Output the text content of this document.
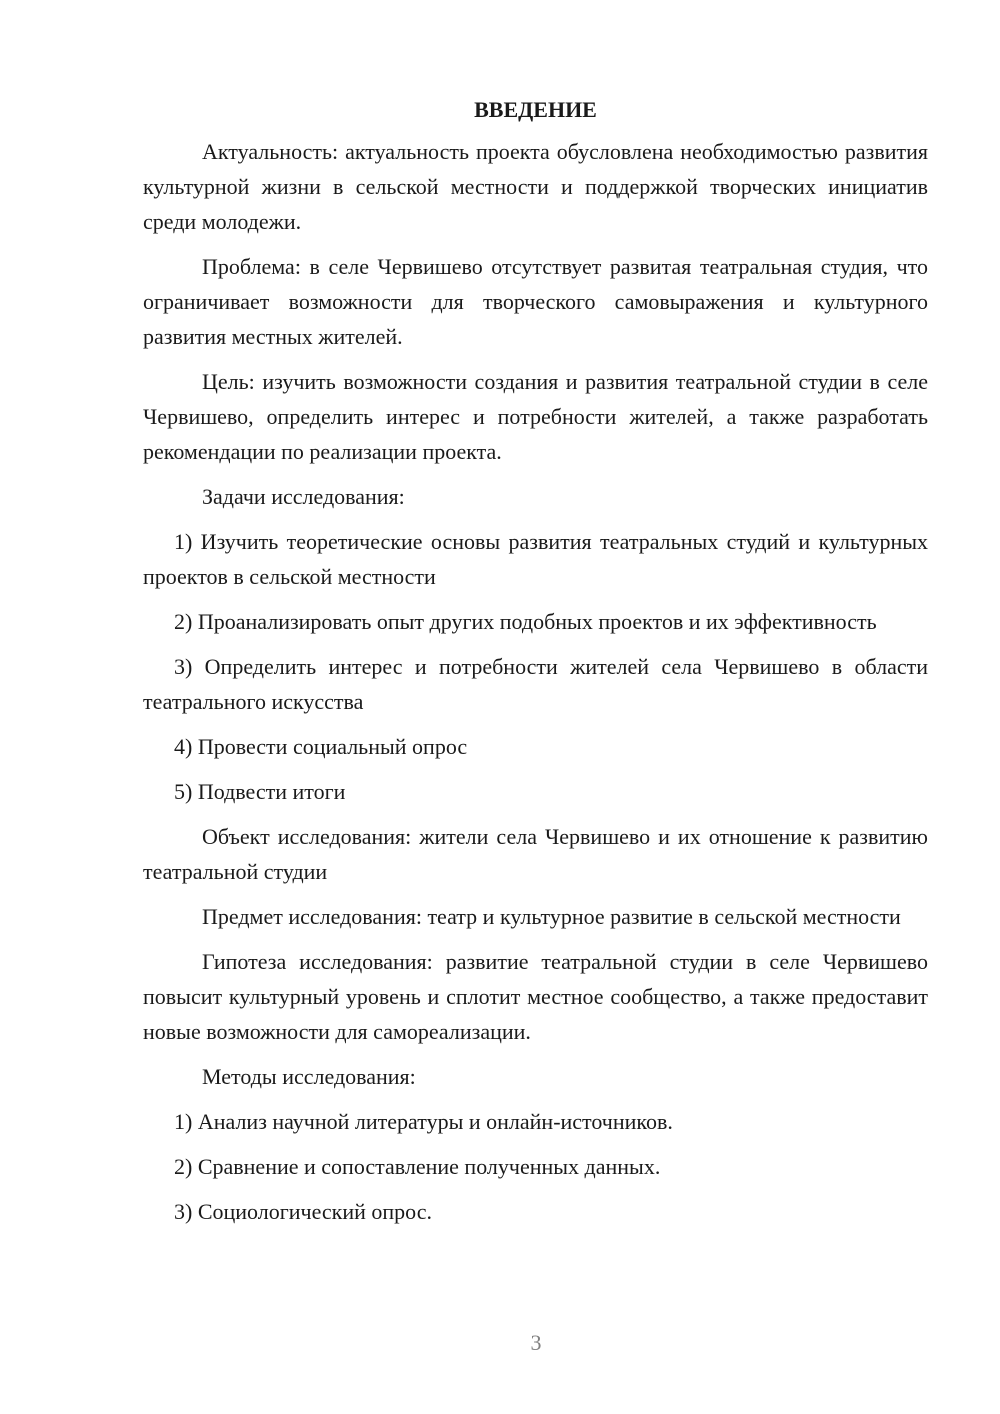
ВВЕДЕНИЕ
Актуальность: актуальность проекта обусловлена необходимостью развития культурной жизни в сельской местности и поддержкой творческих инициатив среди молодежи.
Проблема: в селе Червишево отсутствует развитая театральная студия, что ограничивает возможности для творческого самовыражения и культурного развития местных жителей.
Цель: изучить возможности создания и развития театральной студии в селе Червишево, определить интерес и потребности жителей, а также разработать рекомендации по реализации проекта.
Задачи исследования:
1) Изучить теоретические основы развития театральных студий и культурных проектов в сельской местности
2) Проанализировать опыт других подобных проектов и их эффективность
3) Определить интерес и потребности жителей села Червишево в области театрального искусства
4) Провести социальный опрос
5) Подвести итоги
Объект исследования: жители села Червишево и их отношение к развитию театральной студии
Предмет исследования: театр и культурное развитие в сельской местности
Гипотеза исследования: развитие театральной студии в селе Червишево повысит культурный уровень и сплотит местное сообщество, а также предоставит новые возможности для самореализации.
Методы исследования:
1) Анализ научной литературы и онлайн-источников.
2) Сравнение и сопоставление полученных данных.
3) Социологический опрос.
3
